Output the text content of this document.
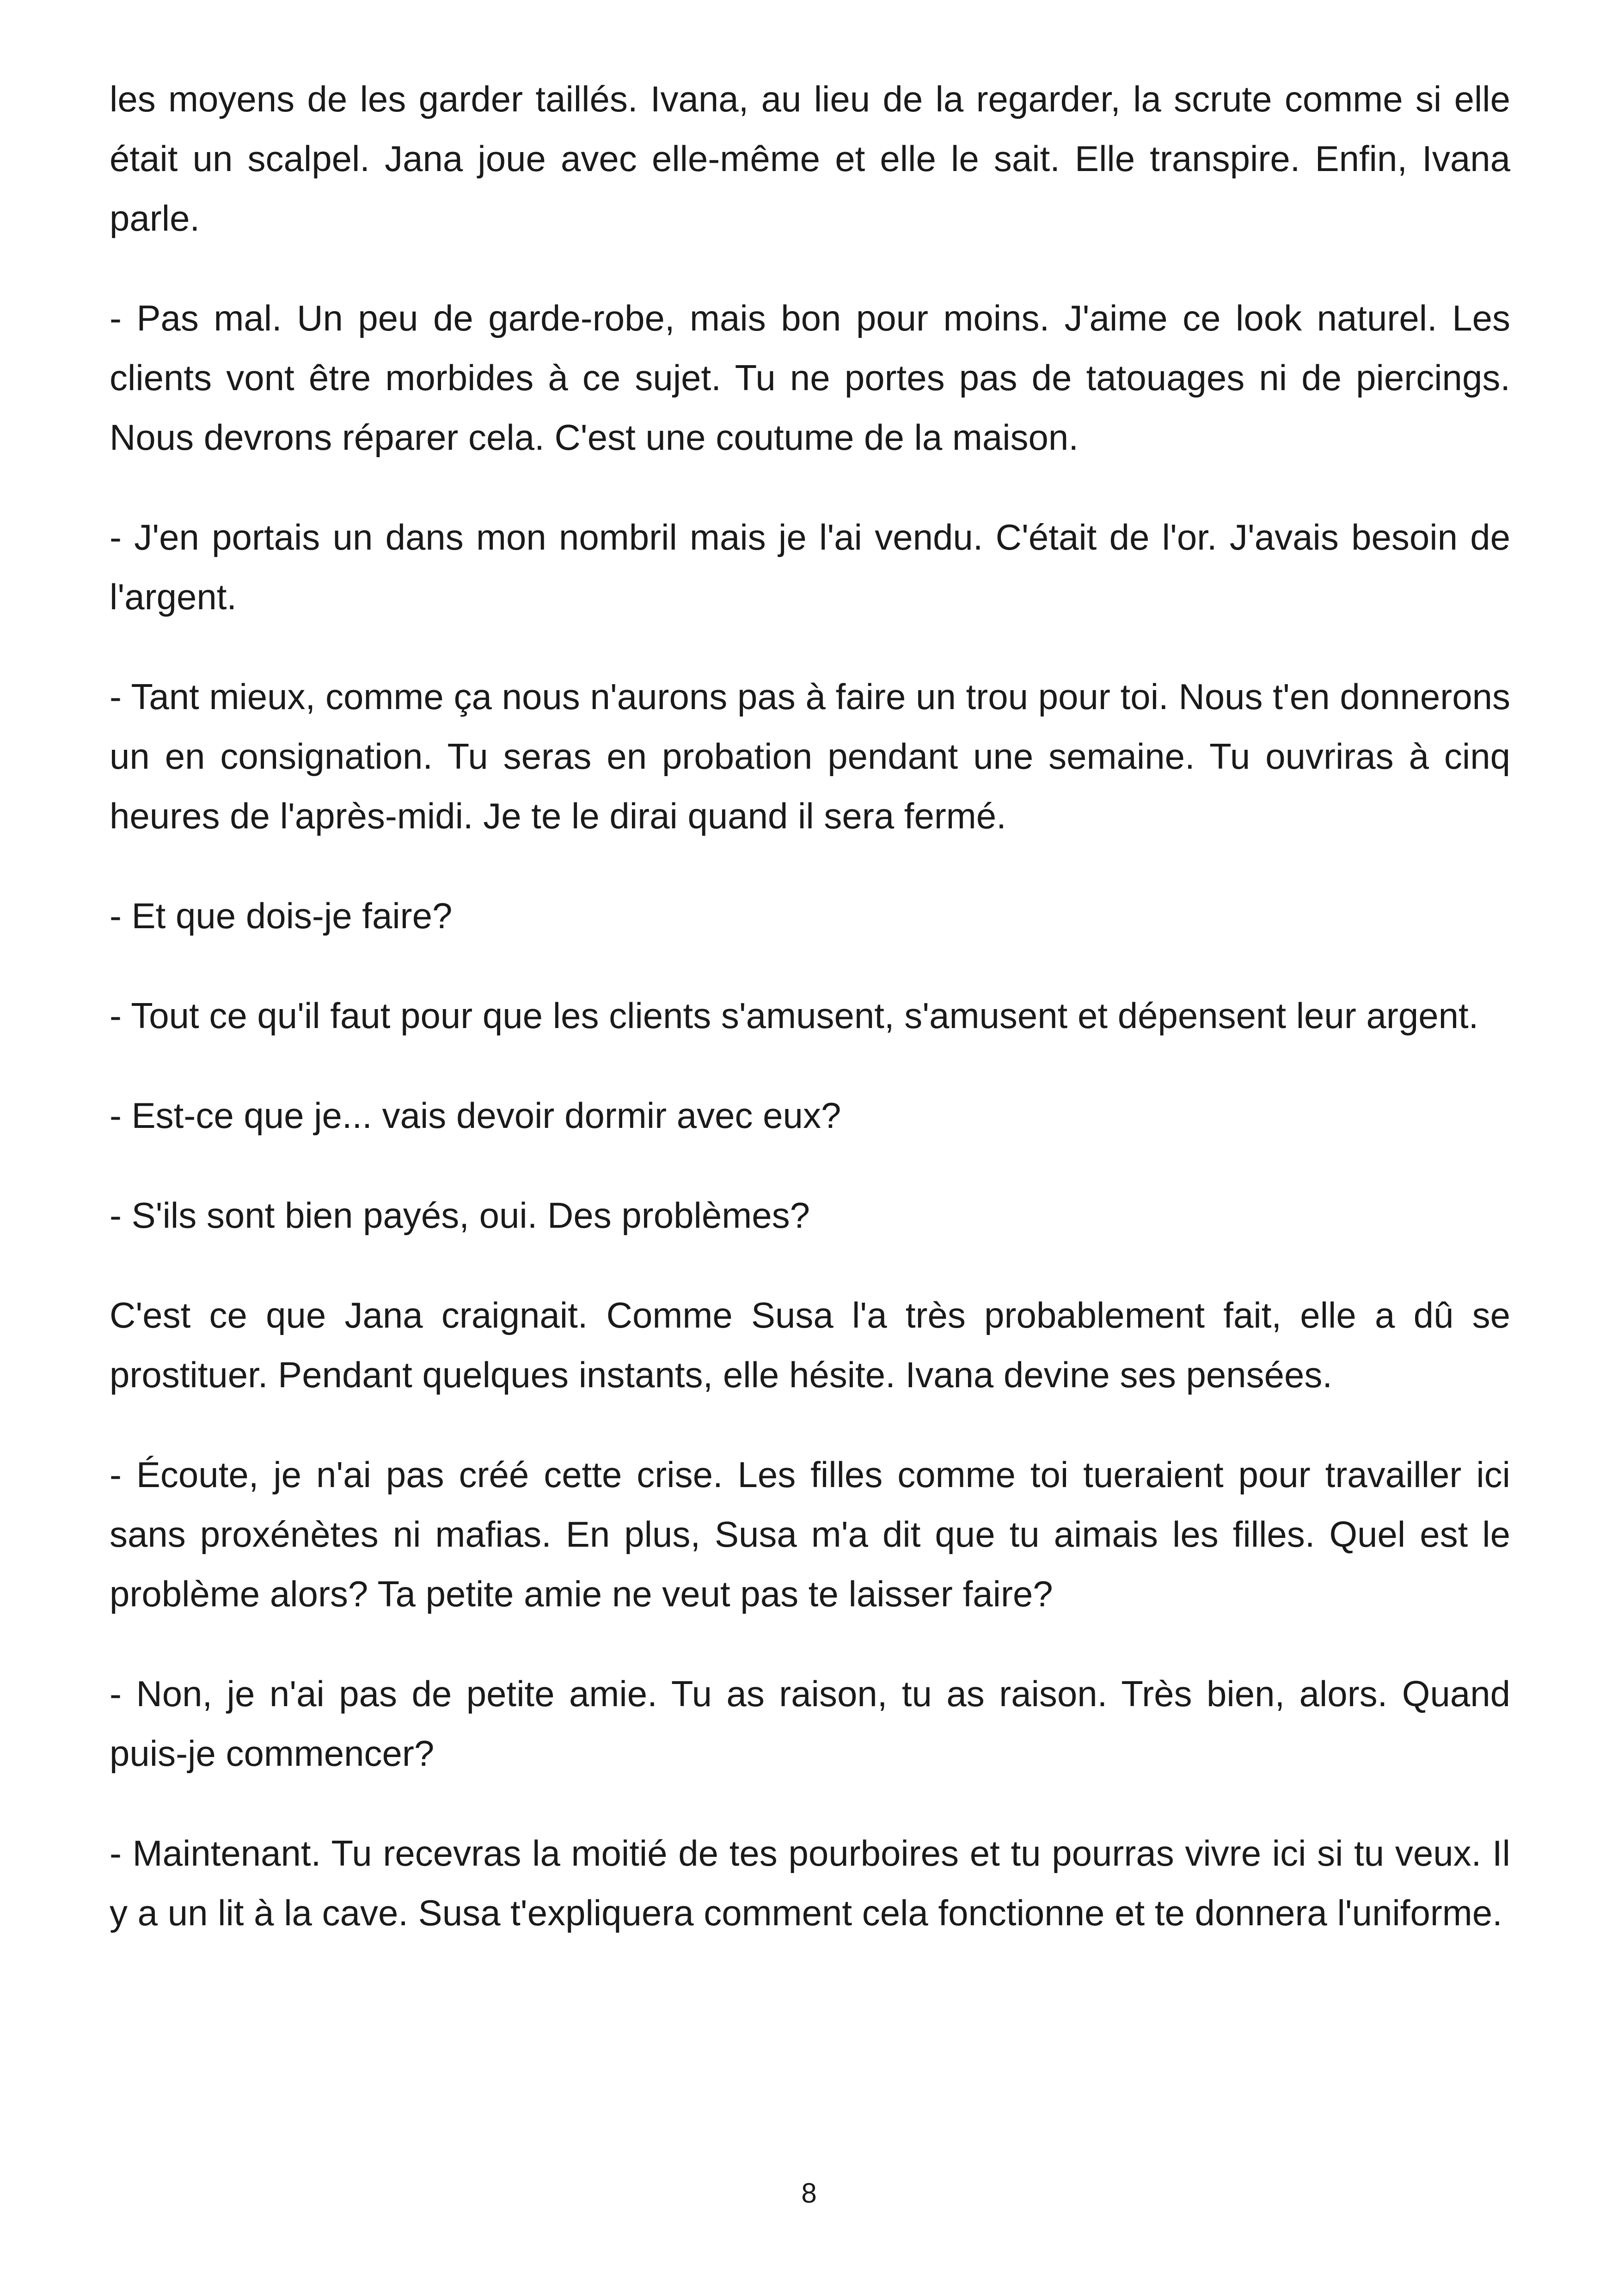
les moyens de les garder taillés. Ivana, au lieu de la regarder, la scrute comme si elle était un scalpel. Jana joue avec elle-même et elle le sait. Elle transpire. Enfin, Ivana parle.

- Pas mal. Un peu de garde-robe, mais bon pour moins. J'aime ce look naturel. Les clients vont être morbides à ce sujet. Tu ne portes pas de tatouages ni de piercings. Nous devrons réparer cela. C'est une coutume de la maison.

- J'en portais un dans mon nombril mais je l'ai vendu. C'était de l'or. J'avais besoin de l'argent.

- Tant mieux, comme ça nous n'aurons pas à faire un trou pour toi. Nous t'en donnerons un en consignation. Tu seras en probation pendant une semaine. Tu ouvriras à cinq heures de l'après-midi. Je te le dirai quand il sera fermé.

- Et que dois-je faire?

- Tout ce qu'il faut pour que les clients s'amusent, s'amusent et dépensent leur argent.

- Est-ce que je... vais devoir dormir avec eux?

- S'ils sont bien payés, oui. Des problèmes?

C'est ce que Jana craignait. Comme Susa l'a très probablement fait, elle a dû se prostituer. Pendant quelques instants, elle hésite. Ivana devine ses pensées.

- Écoute, je n'ai pas créé cette crise. Les filles comme toi tueraient pour travailler ici sans proxénètes ni mafias. En plus, Susa m'a dit que tu aimais les filles. Quel est le problème alors? Ta petite amie ne veut pas te laisser faire?

- Non, je n'ai pas de petite amie. Tu as raison, tu as raison. Très bien, alors. Quand puis-je commencer?

- Maintenant. Tu recevras la moitié de tes pourboires et tu pourras vivre ici si tu veux. Il y a un lit à la cave. Susa t'expliquera comment cela fonctionne et te donnera l'uniforme.

8
